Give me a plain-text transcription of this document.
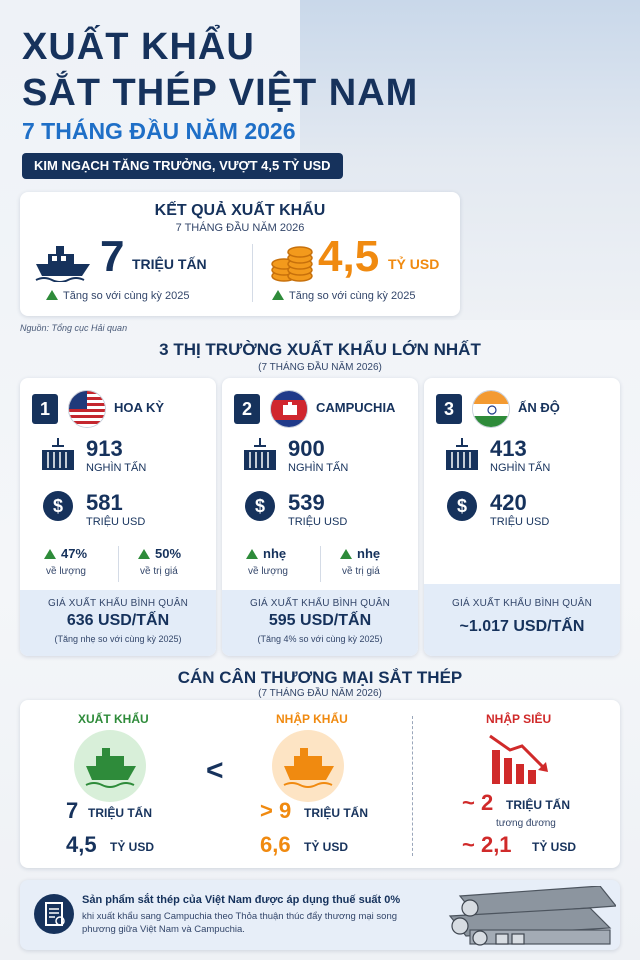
XUẤT KHẨU
SẮT THÉP VIỆT NAM
7 THÁNG ĐẦU NĂM 2026
KIM NGẠCH TĂNG TRƯỞNG, VƯỢT 4,5 TỶ USD
KẾT QUẢ XUẤT KHẨU
7 THÁNG ĐẦU NĂM 2026
7 TRIỆU TẤN
Tăng so với cùng kỳ 2025
4,5 TỶ USD
Tăng so với cùng kỳ 2025
Nguồn: Tổng cục Hải quan
3 THỊ TRƯỜNG XUẤT KHẨU LỚN NHẤT
(7 THÁNG ĐẦU NĂM 2026)
1	HOA KỲ
913
NGHÌN TẤN
$ 581
TRIỆU USD
47%
về lượng
50%
về trị giá
GIÁ XUẤT KHẨU BÌNH QUÂN
636 USD/TẤN
(Tăng nhẹ so với cùng kỳ 2025)
2	CAMPUCHIA
900
NGHÌN TẤN
$ 539
TRIỆU USD
nhẹ
về lượng
nhẹ
về trị giá
GIÁ XUẤT KHẨU BÌNH QUÂN
595 USD/TẤN
(Tăng 4% so với cùng kỳ 2025)
3	ẤN ĐỘ
413
NGHÌN TẤN
$ 420
TRIỆU USD
GIÁ XUẤT KHẨU BÌNH QUÂN
~1.017 USD/TẤN
CÁN CÂN THƯƠNG MẠI SẮT THÉP
(7 THÁNG ĐẦU NĂM 2026)
XUẤT KHẨU
7 TRIỆU TẤN
4,5 TỶ USD
NHẬP KHẨU
> 9 TRIỆU TẤN
6,6 TỶ USD
NHẬP SIÊU
~ 2 TRIỆU TẤN
tương đương
~ 2,1 TỶ USD
<
Sản phẩm sắt thép của Việt Nam được áp dụng thuế suất 0%
khi xuất khẩu sang Campuchia theo Thỏa thuận thúc đẩy thương mại song phương giữa Việt Nam và Campuchia.
